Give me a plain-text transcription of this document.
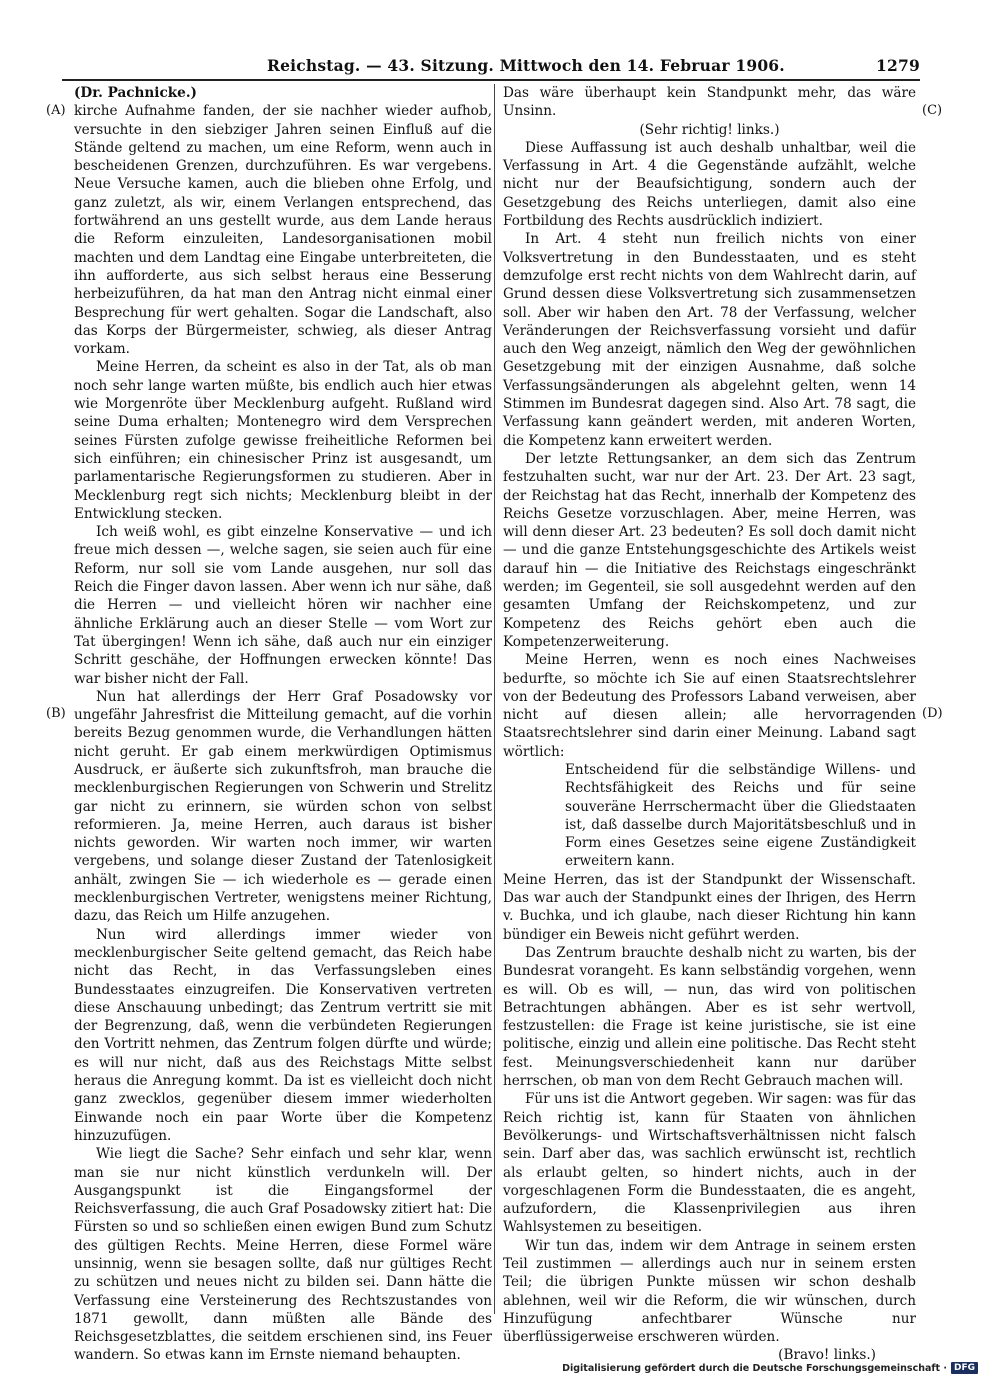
Reichstag. — 43. Sitzung. Mittwoch den 14. Februar 1906.	1279
(A)
(B)
(C)
(D)

(Dr. Pachnicke.)

kirche Aufnahme fanden, der sie nachher wieder aufhob, versuchte in den siebziger Jahren seinen Einfluß auf die Stände geltend zu machen, um eine Reform, wenn auch in bescheidenen Grenzen, durchzuführen. Es war vergebens. Neue Versuche kamen, auch die blieben ohne Erfolg, und ganz zuletzt, als wir, einem Verlangen entsprechend, das fortwährend an uns gestellt wurde, aus dem Lande heraus die Reform einzuleiten, Landesorganisationen mobil machten und dem Landtag eine Eingabe unterbreiteten, die ihn aufforderte, aus sich selbst heraus eine Besserung herbeizuführen, da hat man den Antrag nicht einmal einer Besprechung für wert gehalten. Sogar die Landschaft, also das Korps der Bürgermeister, schwieg, als dieser Antrag vorkam.

Meine Herren, da scheint es also in der Tat, als ob man noch sehr lange warten müßte, bis endlich auch hier etwas wie Morgenröte über Mecklenburg aufgeht. Rußland wird seine Duma erhalten; Montenegro wird dem Versprechen seines Fürsten zufolge gewisse freiheitliche Reformen bei sich einführen; ein chinesischer Prinz ist ausgesandt, um parlamentarische Regierungsformen zu studieren. Aber in Mecklenburg regt sich nichts; Mecklenburg bleibt in der Entwicklung stecken.

Ich weiß wohl, es gibt einzelne Konservative — und ich freue mich dessen —, welche sagen, sie seien auch für eine Reform, nur soll sie vom Lande ausgehen, nur soll das Reich die Finger davon lassen. Aber wenn ich nur sähe, daß die Herren — und vielleicht hören wir nachher eine ähnliche Erklärung auch an dieser Stelle — vom Wort zur Tat übergingen! Wenn ich sähe, daß auch nur ein einziger Schritt geschähe, der Hoffnungen erwecken könnte! Das war bisher nicht der Fall.

Nun hat allerdings der Herr Graf Posadowsky vor ungefähr Jahresfrist die Mitteilung gemacht, auf die vorhin bereits Bezug genommen wurde, die Verhandlungen hätten nicht geruht. Er gab einem merkwürdigen Optimismus Ausdruck, er äußerte sich zukunftsfroh, man brauche die mecklenburgischen Regierungen von Schwerin und Strelitz gar nicht zu erinnern, sie würden schon von selbst reformieren. Ja, meine Herren, auch daraus ist bisher nichts geworden. Wir warten noch immer, wir warten vergebens, und solange dieser Zustand der Tatenlosigkeit anhält, zwingen Sie — ich wiederhole es — gerade einen mecklenburgischen Vertreter, wenigstens meiner Richtung, dazu, das Reich um Hilfe anzugehen.

Nun wird allerdings immer wieder von mecklenburgischer Seite geltend gemacht, das Reich habe nicht das Recht, in das Verfassungsleben eines Bundesstaates einzugreifen. Die Konservativen vertreten diese Anschauung unbedingt; das Zentrum vertritt sie mit der Begrenzung, daß, wenn die verbündeten Regierungen den Vortritt nehmen, das Zentrum folgen dürfte und würde; es will nur nicht, daß aus des Reichstags Mitte selbst heraus die Anregung kommt. Da ist es vielleicht doch nicht ganz zwecklos, gegenüber diesem immer wiederholten Einwande noch ein paar Worte über die Kompetenz hinzuzufügen.

Wie liegt die Sache? Sehr einfach und sehr klar, wenn man sie nur nicht künstlich verdunkeln will. Der Ausgangspunkt ist die Eingangsformel der Reichsverfassung, die auch Graf Posadowsky zitiert hat: Die Fürsten so und so schließen einen ewigen Bund zum Schutz des gültigen Rechts. Meine Herren, diese Formel wäre unsinnig, wenn sie besagen sollte, daß nur gültiges Recht zu schützen und neues nicht zu bilden sei. Dann hätte die Verfassung eine Versteinerung des Rechtszustandes von 1871 gewollt, dann müßten alle Bände des Reichsgesetzblattes, die seitdem erschienen sind, ins Feuer wandern. So etwas kann im Ernste niemand behaupten.

Das wäre überhaupt kein Standpunkt mehr, das wäre Unsinn.

(Sehr richtig! links.)

Diese Auffassung ist auch deshalb unhaltbar, weil die Verfassung in Art. 4 die Gegenstände aufzählt, welche nicht nur der Beaufsichtigung, sondern auch der Gesetzgebung des Reichs unterliegen, damit also eine Fortbildung des Rechts ausdrücklich indiziert.

In Art. 4 steht nun freilich nichts von einer Volksvertretung in den Bundesstaaten, und es steht demzufolge erst recht nichts von dem Wahlrecht darin, auf Grund dessen diese Volksvertretung sich zusammensetzen soll. Aber wir haben den Art. 78 der Verfassung, welcher Veränderungen der Reichsverfassung vorsieht und dafür auch den Weg anzeigt, nämlich den Weg der gewöhnlichen Gesetzgebung mit der einzigen Ausnahme, daß solche Verfassungsänderungen als abgelehnt gelten, wenn 14 Stimmen im Bundesrat dagegen sind. Also Art. 78 sagt, die Verfassung kann geändert werden, mit anderen Worten, die Kompetenz kann erweitert werden.

Der letzte Rettungsanker, an dem sich das Zentrum festzuhalten sucht, war nur der Art. 23. Der Art. 23 sagt, der Reichstag hat das Recht, innerhalb der Kompetenz des Reichs Gesetze vorzuschlagen. Aber, meine Herren, was will denn dieser Art. 23 bedeuten? Es soll doch damit nicht — und die ganze Entstehungsgeschichte des Artikels weist darauf hin — die Initiative des Reichstags eingeschränkt werden; im Gegenteil, sie soll ausgedehnt werden auf den gesamten Umfang der Reichskompetenz, und zur Kompetenz des Reichs gehört eben auch die Kompetenzerweiterung.

Meine Herren, wenn es noch eines Nachweises bedurfte, so möchte ich Sie auf einen Staatsrechtslehrer von der Bedeutung des Professors Laband verweisen, aber nicht auf diesen allein; alle hervorragenden Staatsrechtslehrer sind darin einer Meinung. Laband sagt wörtlich:

Entscheidend für die selbständige Willens- und Rechtsfähigkeit des Reichs und für seine souveräne Herrschermacht über die Gliedstaaten ist, daß dasselbe durch Majoritätsbeschluß und in Form eines Gesetzes seine eigene Zuständigkeit erweitern kann.

Meine Herren, das ist der Standpunkt der Wissenschaft. Das war auch der Standpunkt eines der Ihrigen, des Herrn v. Buchka, und ich glaube, nach dieser Richtung hin kann bündiger ein Beweis nicht geführt werden.

Das Zentrum brauchte deshalb nicht zu warten, bis der Bundesrat vorangeht. Es kann selbständig vorgehen, wenn es will. Ob es will, — nun, das wird von politischen Betrachtungen abhängen. Aber es ist sehr wertvoll, festzustellen: die Frage ist keine juristische, sie ist eine politische, einzig und allein eine politische. Das Recht steht fest. Meinungsverschiedenheit kann nur darüber herrschen, ob man von dem Recht Gebrauch machen will.

Für uns ist die Antwort gegeben. Wir sagen: was für das Reich richtig ist, kann für Staaten von ähnlichen Bevölkerungs- und Wirtschaftsverhältnissen nicht falsch sein. Darf aber das, was sachlich erwünscht ist, rechtlich als erlaubt gelten, so hindert nichts, auch in der vorgeschlagenen Form die Bundesstaaten, die es angeht, aufzufordern, die Klassenprivilegien aus ihren Wahlsystemen zu beseitigen.

Wir tun das, indem wir dem Antrage in seinem ersten Teil zustimmen — allerdings auch nur in seinem ersten Teil; die übrigen Punkte müssen wir schon deshalb ablehnen, weil wir die Reform, die wir wünschen, durch Hinzufügung anfechtbarer Wünsche nur überflüssigerweise erschweren würden.

(Bravo! links.)

Digitalisierung gefördert durch die Deutsche Forschungsgemeinschaft · DFG
